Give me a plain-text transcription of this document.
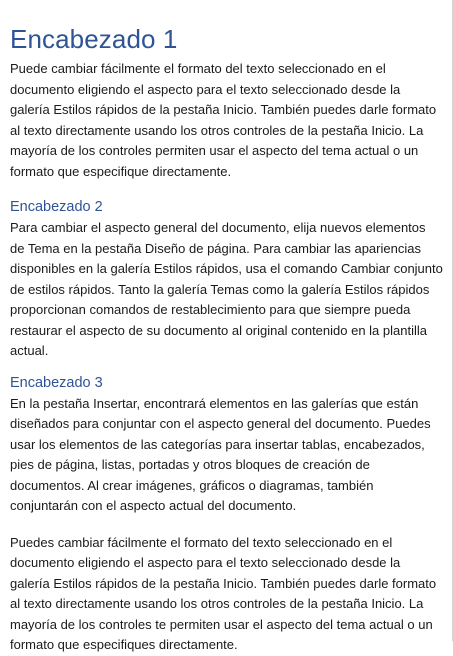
Encabezado 1

Puede cambiar fácilmente el formato del texto seleccionado en el documento eligiendo el aspecto para el texto seleccionado desde la galería Estilos rápidos de la pestaña Inicio. También puedes darle formato al texto directamente usando los otros controles de la pestaña Inicio. La mayoría de los controles permiten usar el aspecto del tema actual o un formato que especifique directamente.

Encabezado 2

Para cambiar el aspecto general del documento, elija nuevos elementos de Tema en la pestaña Diseño de página. Para cambiar las apariencias disponibles en la galería Estilos rápidos, usa el comando Cambiar conjunto de estilos rápidos. Tanto la galería Temas como la galería Estilos rápidos proporcionan comandos de restablecimiento para que siempre pueda restaurar el aspecto de su documento al original contenido en la plantilla actual.

Encabezado 3

En la pestaña Insertar, encontrará elementos en las galerías que están diseñados para conjuntar con el aspecto general del documento. Puedes usar los elementos de las categorías para insertar tablas, encabezados, pies de página, listas, portadas y otros bloques de creación de documentos. Al crear imágenes, gráficos o diagramas, también conjuntarán con el aspecto actual del documento.

Puedes cambiar fácilmente el formato del texto seleccionado en el documento eligiendo el aspecto para el texto seleccionado desde la galería Estilos rápidos de la pestaña Inicio. También puedes darle formato al texto directamente usando los otros controles de la pestaña Inicio. La mayoría de los controles te permiten usar el aspecto del tema actual o un formato que especifiques directamente.
